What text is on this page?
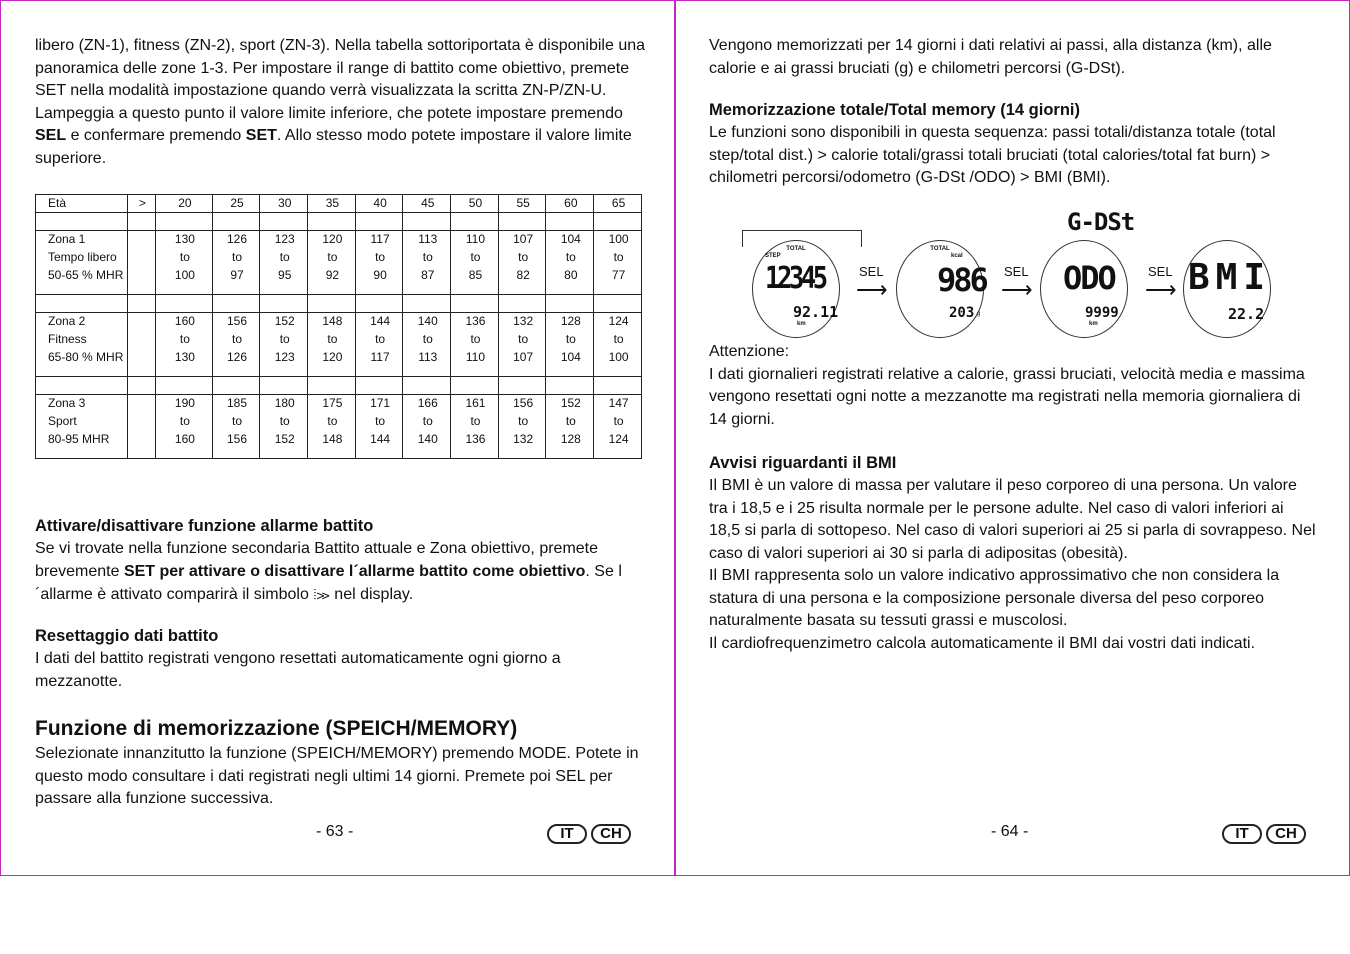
libero (ZN-1), fitness (ZN-2), sport (ZN-3). Nella tabella sottoriportata è disponibile una panoramica delle zone 1-3. Per impostare il range di battito come obiettivo, premete SET nella modalità impostazione quando verrà visualizzata la scritta ZN-P/ZN-U. Lampeggia a questo punto il valore limite inferiore, che potete impostare premendo SEL e confermare premendo SET. Allo stesso modo potete impostare il valore limite superiore.

Età	>	20	25	30	35	40	45	50	55	60	65

Zona 1		130	126	123	120	117	113	110	107	104	100
Tempo libero		to	to	to	to	to	to	to	to	to	to
50-65 % MHR		100	97	95	92	90	87	85	82	80	77

Zona 2		160	156	152	148	144	140	136	132	128	124
Fitness		to	to	to	to	to	to	to	to	to	to
65-80 % MHR		130	126	123	120	117	113	110	107	104	100

Zona 3		190	185	180	175	171	166	161	156	152	147
Sport		to	to	to	to	to	to	to	to	to	to
80-95 MHR		160	156	152	148	144	140	136	132	128	124
Attivare/disattivare funzione allarme battito

Se vi trovate nella funzione secondaria Battito attuale e Zona obiettivo, premete brevemente SET per attivare o disattivare l´allarme battito come obiettivo. Se l´allarme è attivato comparirà il simbolo ⦙≫ nel display.

Resettaggio dati battito

I dati del battito registrati vengono resettati automaticamente ogni giorno a mezzanotte.

Funzione di memorizzazione (SPEICH/MEMORY)

Selezionate innanzitutto la funzione (SPEICH/MEMORY) premendo MODE. Potete in questo modo consultare i dati registrati negli ultimi 14 giorni. Premete poi SEL per passare alla funzione successiva.

- 63 -	IT	CH
Vengono memorizzati per 14 giorni i dati relativi ai passi, alla distanza (km), alle calorie e ai grassi bruciati (g) e chilometri percorsi (G-DSt).
Memorizzazione totale/Total memory (14 giorni)

Le funzioni sono disponibili in questa sequenza: passi totali/distanza totale (total step/total dist.) > calorie totali/grassi totali bruciati (total calories/total fat burn) > chilometri percorsi/odometro (G-DSt /ODO) > BMI (BMI).

G-DSt
TOTAL
STEP
12345
92.11
km
SEL
⟶
TOTAL
kcal
986
203 g
SEL
⟶ ODO
9999
km
SEL
⟶ BMI
22.2

Attenzione:

I dati giornalieri registrati relative a calorie, grassi bruciati, velocità media e massima vengono resettati ogni notte a mezzanotte ma registrati nella memoria giornaliera di 14 giorni.

Avvisi riguardanti il BMI

Il BMI è un valore di massa per valutare il peso corporeo di una persona. Un valore tra i 18,5 e i 25 risulta normale per le persone adulte. Nel caso di valori inferiori ai 18,5 si parla di sottopeso. Nel caso di valori superiori ai 25 si parla di sovrappeso. Nel caso di valori superiori ai 30 si parla di adipositas (obesità).

Il BMI rappresenta solo un valore indicativo approssimativo che non considera la statura di una persona e la composizione personale diversa del peso corporeo naturalmente basata su tessuti grassi e muscolosi.

Il cardiofrequenzimetro calcola automaticamente il BMI dai vostri dati indicati.

- 64 -	IT	CH
